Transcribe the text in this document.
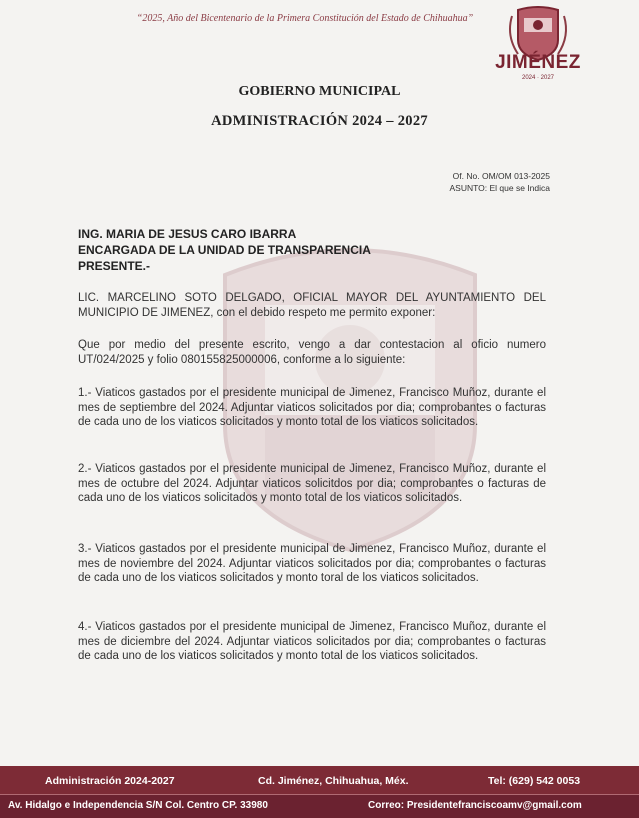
“2025, Año del Bicentenario de la Primera Constitución del Estado de Chihuahua”
JIMÉNEZ
2024 · 2027
GOBIERNO MUNICIPAL
ADMINISTRACIÓN 2024 – 2027
Of. No. OM/OM 013-2025
ASUNTO: El que se Indica
ING. MARIA DE JESUS CARO IBARRA
ENCARGADA DE LA UNIDAD DE TRANSPARENCIA
PRESENTE.-
LIC. MARCELINO SOTO DELGADO, OFICIAL MAYOR DEL AYUNTAMIENTO DEL MUNICIPIO DE JIMENEZ, con el debido respeto me permito exponer:
Que por medio del presente escrito, vengo a dar contestacion al oficio numero UT/024/2025 y folio 080155825000006, conforme a lo siguiente:
1.- Viaticos gastados por el presidente municipal de Jimenez, Francisco Muñoz, durante el mes de septiembre del 2024. Adjuntar viaticos solicitados por dia; comprobantes o facturas de cada uno de los viaticos solicitados y monto total de los viaticos solicitados.
2.- Viaticos gastados por el presidente municipal de Jimenez, Francisco Muñoz, durante el mes de octubre del 2024. Adjuntar viaticos solicitdos por dia; comprobantes o facturas de cada uno de los viaticos solicitados y monto total de los viaticos solicitados.
3.- Viaticos gastados por el presidente municipal de Jimenez, Francisco Muñoz, durante el mes de noviembre del 2024. Adjuntar viaticos solicitados por dia; comprobantes o facturas de cada uno de los viaticos solicitados y monto toral de los viaticos solicitados.
4.- Viaticos gastados por el presidente municipal de Jimenez, Francisco Muñoz, durante el mes de diciembre del 2024. Adjuntar viaticos solicitados por dia; comprobantes o facturas de cada uno de los viaticos solicitados y monto total de los viaticos solicitados.
Administración 2024-2027	Cd. Jiménez, Chihuahua, Méx.	Tel: (629) 542 0053
Av. Hidalgo e Independencia S/N Col. Centro CP. 33980	Correo: Presidentefranciscoamv@gmail.com
